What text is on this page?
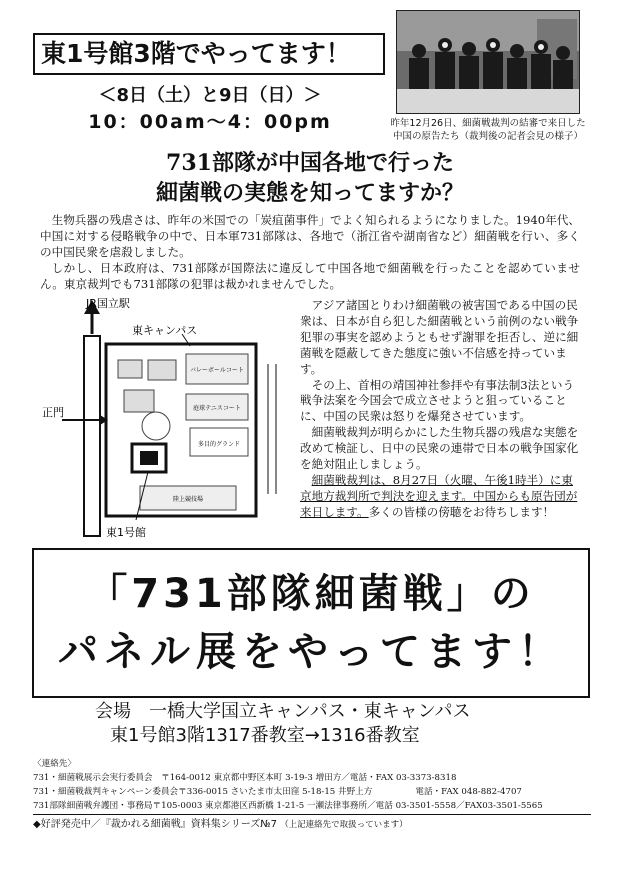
東1号館3階でやってます！
＜8日（土）と9日（日）＞
10：00am〜4：00pm	昨年12月26日、細菌戦裁判の結審で来日した
中国の原告たち（裁判後の記者会見の様子）
731部隊が中国各地で行った
細菌戦の実態を知ってますか？

生物兵器の残虐さは、昨年の米国での「炭疽菌事件」でよく知られるようになりました。1940年代、中国に対する侵略戦争の中で、日本軍731部隊は、各地で（浙江省や湖南省など）細菌戦を行い、多くの中国民衆を虐殺しました。

しかし、日本政府は、731部隊が国際法に違反して中国各地で細菌戦を行ったことを認めていません。東京裁判でも731部隊の犯罪は裁かれませんでした。

バレーボールコート
庭球テニスコート
多目的グランド
陸上競技場
JR国立駅
東キャンパス
正門
東1号館

アジア諸国とりわけ細菌戦の被害国である中国の民衆は、日本が自ら犯した細菌戦という前例のない戦争犯罪の事実を認めようともせず謝罪を拒否し、逆に細菌戦を隠蔽してきた態度に強い不信感を持っています。

その上、首相の靖国神社参拝や有事法制3法という戦争法案を今国会で成立させようと狙っていることに、中国の民衆は怒りを爆発させています。

細菌戦裁判が明らかにした生物兵器の残虐な実態を改めて検証し、日中の民衆の連帯で日本の戦争国家化を絶対阻止しましょう。

細菌戦裁判は、8月27日（火曜、午後1時半）に東京地方裁判所で判決を迎えます。中国からも原告団が来日します。多くの皆様の傍聴をお待ちします！

「731部隊細菌戦」の
パネル展をやってます！
会場　一橋大学国立キャンパス・東キャンパス
東1号館3階1317番教室→1316番教室
〈連絡先〉
731・細菌戦展示会実行委員会　〒164-0012 東京都中野区本町 3-19-3 増田方／電話・FAX 03-3373-8318
731・細菌戦裁判キャンペーン委員会〒336-0015 さいたま市太田窪 5-18-15 井野上方　　　　　電話・FAX 048-882-4707
731部隊細菌戦弁護団・事務局〒105-0003 東京都港区西新橋 1-21-5 一瀬法律事務所／電話 03-3501-5558／FAX03-3501-5565
◆好評発売中／『裁かれる細菌戦』資料集シリーズ№7 （上記連絡先で取扱っています）
